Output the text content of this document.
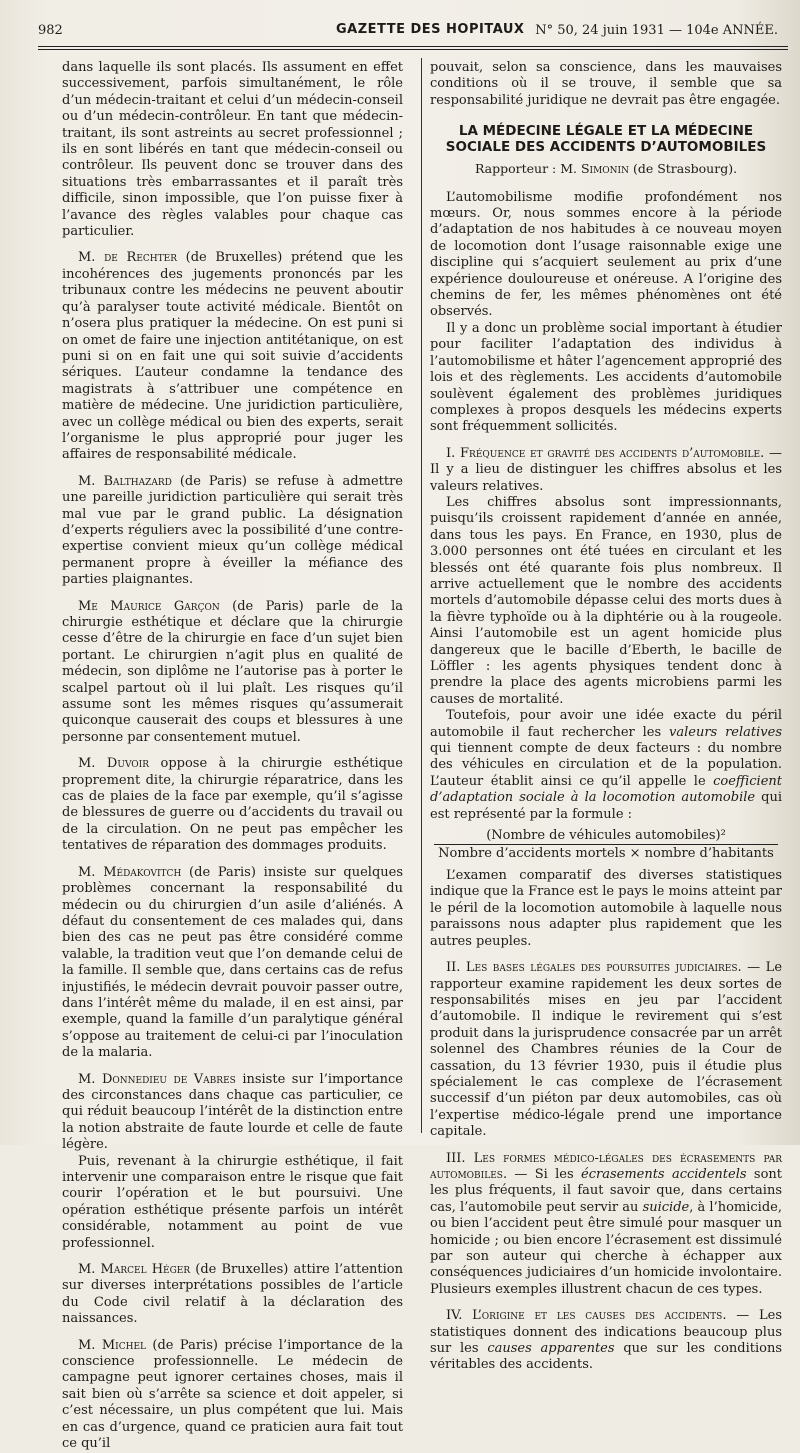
982	GAZETTE DES HOPITAUX N° 50, 24 juin 1931 — 104e ANNÉE.

dans laquelle ils sont placés. Ils assument en effet successivement, parfois simultanément, le rôle d’un médecin-traitant et celui d’un médecin-conseil ou d’un médecin-contrôleur. En tant que médecin-traitant, ils sont astreints au secret professionnel ; ils en sont libérés en tant que médecin-conseil ou contrôleur. Ils peuvent donc se trouver dans des situations très embarrassantes et il paraît très difficile, sinon impossible, que l’on puisse fixer à l’avance des règles valables pour chaque cas particulier.

M. de Rechter (de Bruxelles) prétend que les incohérences des jugements prononcés par les tribunaux contre les médecins ne peuvent aboutir qu’à paralyser toute activité médicale. Bientôt on n’osera plus pratiquer la médecine. On est puni si on omet de faire une injection antitétanique, on est puni si on en fait une qui soit suivie d’accidents sériques. L’auteur condamne la tendance des magistrats à s’attribuer une compétence en matière de médecine. Une juridiction particulière, avec un collège médical ou bien des experts, serait l’organisme le plus approprié pour juger les affaires de responsabilité médicale.

M. Balthazard (de Paris) se refuse à admettre une pareille juridiction particulière qui serait très mal vue par le grand public. La désignation d’experts réguliers avec la possibilité d’une contre-expertise convient mieux qu’un collège médical permanent propre à éveiller la méfiance des parties plaignantes.

Me Maurice Garçon (de Paris) parle de la chirurgie esthétique et déclare que la chirurgie cesse d’être de la chirurgie en face d’un sujet bien portant. Le chirurgien n’agit plus en qualité de médecin, son diplôme ne l’autorise pas à porter le scalpel partout où il lui plaît. Les risques qu’il assume sont les mêmes risques qu’assumerait quiconque causerait des coups et blessures à une personne par consentement mutuel.

M. Duvoir oppose à la chirurgie esthétique proprement dite, la chirurgie réparatrice, dans les cas de plaies de la face par exemple, qu’il s’agisse de blessures de guerre ou d’accidents du travail ou de la circulation. On ne peut pas empêcher les tentatives de réparation des dommages produits.

M. Médakovitch (de Paris) insiste sur quelques problèmes concernant la responsabilité du médecin ou du chirurgien d’un asile d’aliénés. A défaut du consentement de ces malades qui, dans bien des cas ne peut pas être considéré comme valable, la tradition veut que l’on demande celui de la famille. Il semble que, dans certains cas de refus injustifiés, le médecin devrait pouvoir passer outre, dans l’intérêt même du malade, il en est ainsi, par exemple, quand la famille d’un paralytique général s’oppose au traitement de celui-ci par l’inoculation de la malaria.

M. Donnedieu de Vabres insiste sur l’importance des circonstances dans chaque cas particulier, ce qui réduit beaucoup l’intérêt de la distinction entre la notion abstraite de faute lourde et celle de faute légère.

Puis, revenant à la chirurgie esthétique, il fait intervenir une comparaison entre le risque que fait courir l’opération et le but poursuivi. Une opération esthétique présente parfois un intérêt considérable, notamment au point de vue professionnel.

M. Marcel Héger (de Bruxelles) attire l’attention sur diverses interprétations possibles de l’article du Code civil relatif à la déclaration des naissances.

M. Michel (de Paris) précise l’importance de la conscience professionnelle. Le médecin de campagne peut ignorer certaines choses, mais il sait bien où s’arrête sa science et doit appeler, si c’est nécessaire, un plus compétent que lui. Mais en cas d’urgence, quand ce praticien aura fait tout ce qu’il

pouvait, selon sa conscience, dans les mauvaises conditions où il se trouve, il semble que sa responsabilité juridique ne devrait pas être engagée.

LA MÉDECINE LÉGALE ET LA MÉDECINE SOCIALE DES ACCIDENTS D’AUTOMOBILES
Rapporteur : M. Simonin (de Strasbourg).

L’automobilisme modifie profondément nos mœurs. Or, nous sommes encore à la période d’adaptation de nos habitudes à ce nouveau moyen de locomotion dont l’usage raisonnable exige une discipline qui s’acquiert seulement au prix d’une expérience douloureuse et onéreuse. A l’origine des chemins de fer, les mêmes phénomènes ont été observés.

Il y a donc un problème social important à étudier pour faciliter l’adaptation des individus à l’automobilisme et hâter l’agencement approprié des lois et des règlements. Les accidents d’automobile soulèvent également des problèmes juridiques complexes à propos desquels les médecins experts sont fréquemment sollicités.

I. Fréquence et gravité des accidents d’automobile. — Il y a lieu de distinguer les chiffres absolus et les valeurs relatives.

Les chiffres absolus sont impressionnants, puisqu’ils croissent rapidement d’année en année, dans tous les pays. En France, en 1930, plus de 3.000 personnes ont été tuées en circulant et les blessés ont été quarante fois plus nombreux. Il arrive actuellement que le nombre des accidents mortels d’automobile dépasse celui des morts dues à la fièvre typhoïde ou à la diphtérie ou à la rougeole. Ainsi l’automobile est un agent homicide plus dangereux que le bacille d’Eberth, le bacille de Löffler : les agents physiques tendent donc à prendre la place des agents microbiens parmi les causes de mortalité.

Toutefois, pour avoir une idée exacte du péril automobile il faut rechercher les valeurs relatives qui tiennent compte de deux facteurs : du nombre des véhicules en circulation et de la population. L’auteur établit ainsi ce qu’il appelle le coefficient d’adaptation sociale à la locomotion automobile qui est représenté par la formule :

(Nombre de véhicules automobiles)²
Nombre d’accidents mortels × nombre d’habitants

L’examen comparatif des diverses statistiques indique que la France est le pays le moins atteint par le péril de la locomotion automobile à laquelle nous paraissons nous adapter plus rapidement que les autres peuples.

II. Les bases légales des poursuites judiciaires. — Le rapporteur examine rapidement les deux sortes de responsabilités mises en jeu par l’accident d’automobile. Il indique le revirement qui s’est produit dans la jurisprudence consacrée par un arrêt solennel des Chambres réunies de la Cour de cassation, du 13 février 1930, puis il étudie plus spécialement le cas complexe de l’écrasement successif d’un piéton par deux automobiles, cas où l’expertise médico-légale prend une importance capitale.

III. Les formes médico-légales des écrasements par automobiles. — Si les écrasements accidentels sont les plus fréquents, il faut savoir que, dans certains cas, l’automobile peut servir au suicide, à l’homicide, ou bien l’accident peut être simulé pour masquer un homicide ; ou bien encore l’écrasement est dissimulé par son auteur qui cherche à échapper aux conséquences judiciaires d’un homicide involontaire. Plusieurs exemples illustrent chacun de ces types.

IV. L’origine et les causes des accidents. — Les statistiques donnent des indications beaucoup plus sur les causes apparentes que sur les conditions véritables des accidents.
